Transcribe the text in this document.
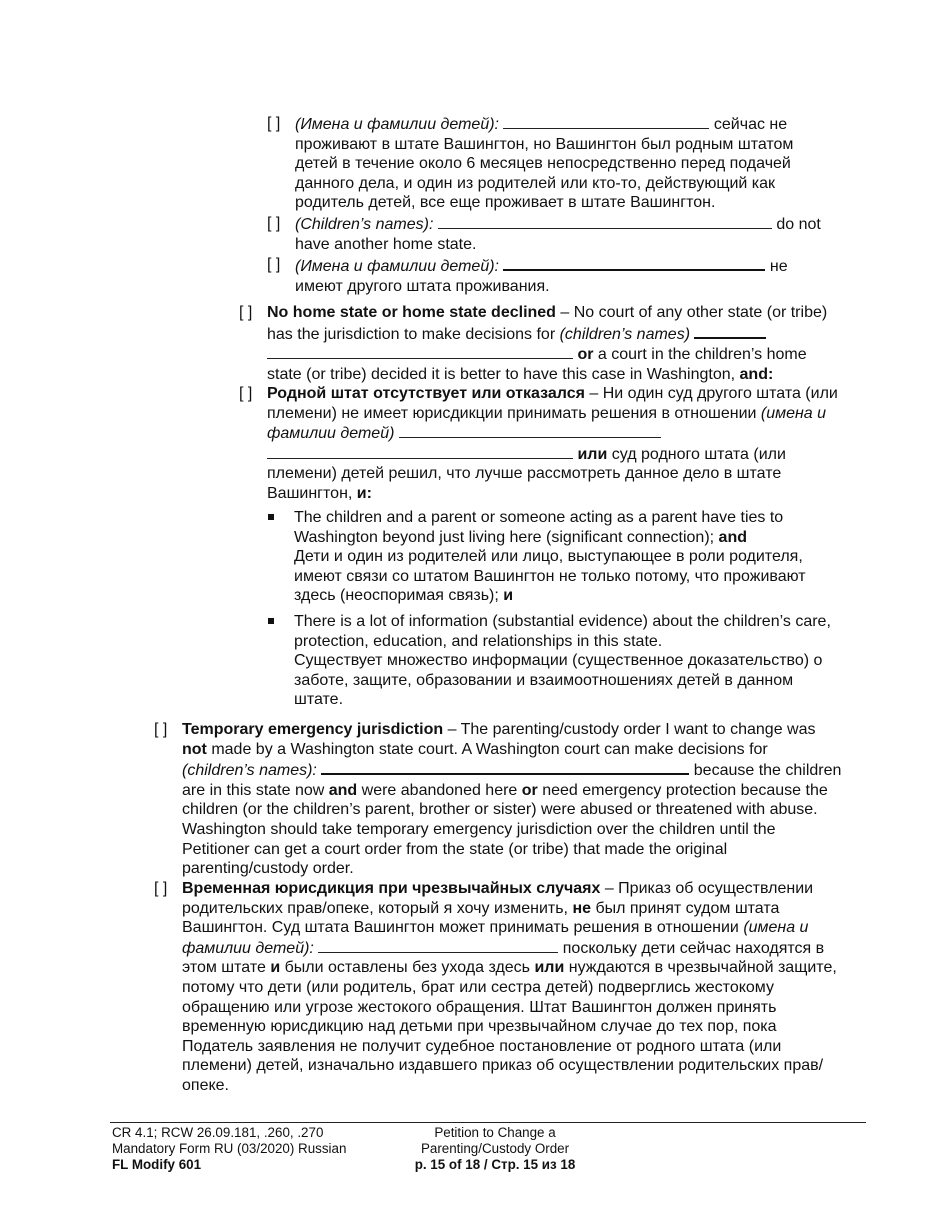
[ ] (Имена и фамилии детей):	сейчас не проживают в штате Вашингтон, но Вашингтон был родным штатом детей в течение около 6 месяцев непосредственно перед подачей данного дела, и один из родителей или кто-то, действующий как родитель детей, все еще проживает в штате Вашингтон.
[ ] (Children’s names):	do not have another home state.
[ ] (Имена и фамилии детей):	не имеют другого штата проживания.
[ ] No home state or home state declined – No court of any other state (or tribe) has the jurisdiction to make decisions for (children’s names)   or a court in the children’s home state (or tribe) decided it is better to have this case in Washington, and:
[ ] Родной штат отсутствует или отказался – Ни один суд другого штата (или племени) не имеет юрисдикции принимать решения в отношении (имена и фамилии детей)   или суд родного штата (или племени) детей решил, что лучше рассмотреть данное дело в штате Вашингтон, и:
The children and a parent or someone acting as a parent have ties to Washington beyond just living here (significant connection); and
Дети и один из родителей или лицо, выступающее в роли родителя, имеют связи со штатом Вашингтон не только потому, что проживают здесь (неоспоримая связь); и
There is a lot of information (substantial evidence) about the children’s care, protection, education, and relationships in this state.
Существует множество информации (существенное доказательство) о заботе, защите, образовании и взаимоотношениях детей в данном штате.
[ ] Temporary emergency jurisdiction – The parenting/custody order I want to change was not made by a Washington state court. A Washington court can make decisions for (children’s names):	because the children are in this state now and were abandoned here or need emergency protection because the children (or the children’s parent, brother or sister) were abused or threatened with abuse. Washington should take temporary emergency jurisdiction over the children until the Petitioner can get a court order from the state (or tribe) that made the original parenting/custody order.
[ ] Временная юрисдикция при чрезвычайных случаях – Приказ об осуществлении родительских прав/опеке, который я хочу изменить, не был принят судом штата Вашингтон. Суд штата Вашингтон может принимать решения в отношении (имена и фамилии детей):	поскольку дети сейчас находятся в этом штате и были оставлены без ухода здесь или нуждаются в чрезвычайной защите, потому что дети (или родитель, брат или сестра детей) подверглись жестокому обращению или угрозе жестокого обращения. Штат Вашингтон должен принять временную юрисдикцию над детьми при чрезвычайном случае до тех пор, пока Податель заявления не получит судебное постановление от родного штата (или племени) детей, изначально издавшего приказ об осуществлении родительских прав/опеке.
CR 4.1; RCW 26.09.181, .260, .270
Mandatory Form RU (03/2020) Russian
FL Modify 601
Petition to Change a
Parenting/Custody Order
p. 15 of 18 / Стр. 15 из 18
